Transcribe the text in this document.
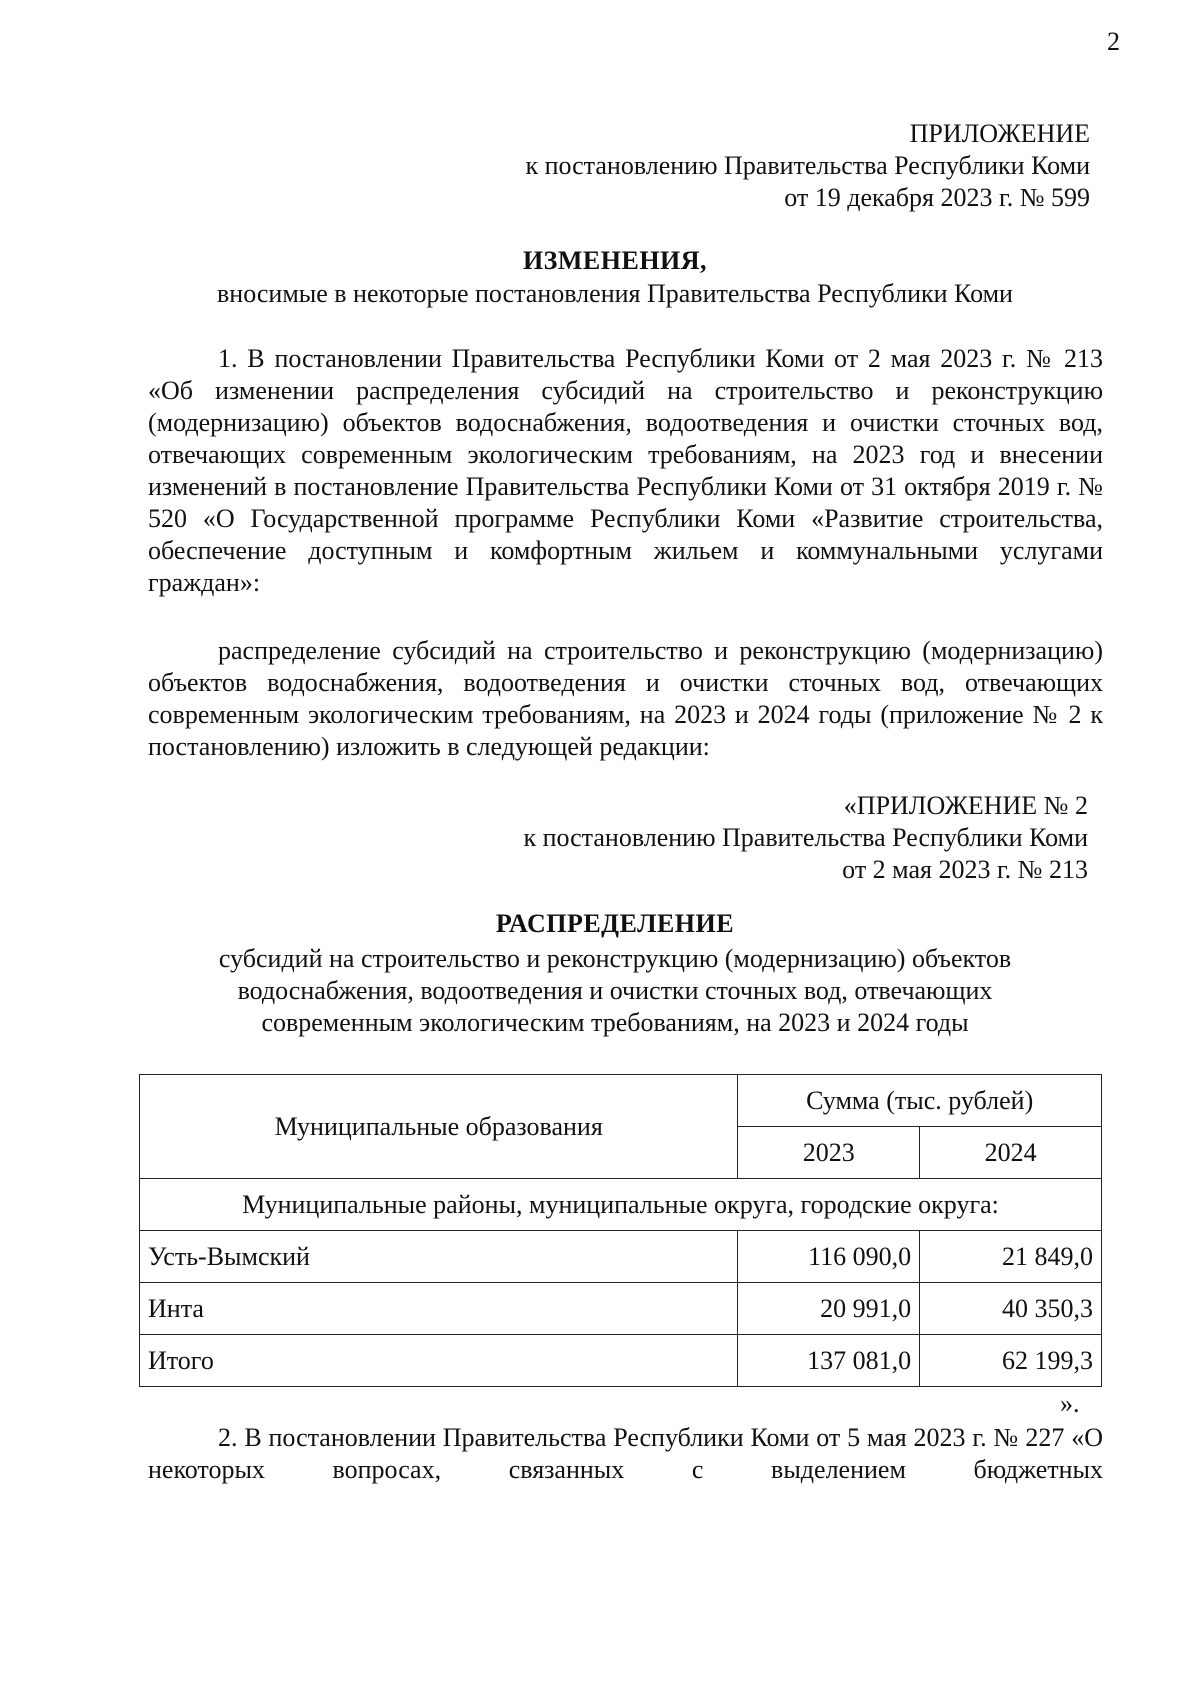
2
ПРИЛОЖЕНИЕ
к постановлению Правительства Республики Коми
от 19 декабря 2023 г. № 599
ИЗМЕНЕНИЯ,
вносимые в некоторые постановления Правительства Республики Коми

1. В постановлении Правительства Республики Коми от 2 мая 2023 г. № 213 «Об изменении распределения субсидий на строительство и реконструкцию (модернизацию) объектов водоснабжения, водоотведения и очистки сточных вод, отвечающих современным экологическим требованиям, на 2023 год и внесении изменений в постановление Правительства Республики Коми от 31 октября 2019 г. № 520 «О Государственной программе Республики Коми «Развитие строительства, обеспечение доступным и комфортным жильем и коммунальными услугами граждан»:

распределение субсидий на строительство и реконструкцию (модернизацию) объектов водоснабжения, водоотведения и очистки сточных вод, отвечающих современным экологическим требованиям, на 2023 и 2024 годы (приложение № 2 к постановлению) изложить в следующей редакции:

«ПРИЛОЖЕНИЕ № 2
к постановлению Правительства Республики Коми
от 2 мая 2023 г. № 213
РАСПРЕДЕЛЕНИЕ
субсидий на строительство и реконструкцию (модернизацию) объектов
водоснабжения, водоотведения и очистки сточных вод, отвечающих
современным экологическим требованиям, на 2023 и 2024 годы
Муниципальные образования	Сумма (тыс. рублей)	
	2023	2024
Муниципальные районы, муниципальные округа, городские округа:		
Усть-Вымский	116 090,0	21 849,0
Инта	20 991,0	40 350,3
Итого	137 081,0	62 199,3
».

2. В постановлении Правительства Республики Коми от 5 мая 2023 г. № 227 «О некоторых вопросах, связанных с выделением бюджетных
